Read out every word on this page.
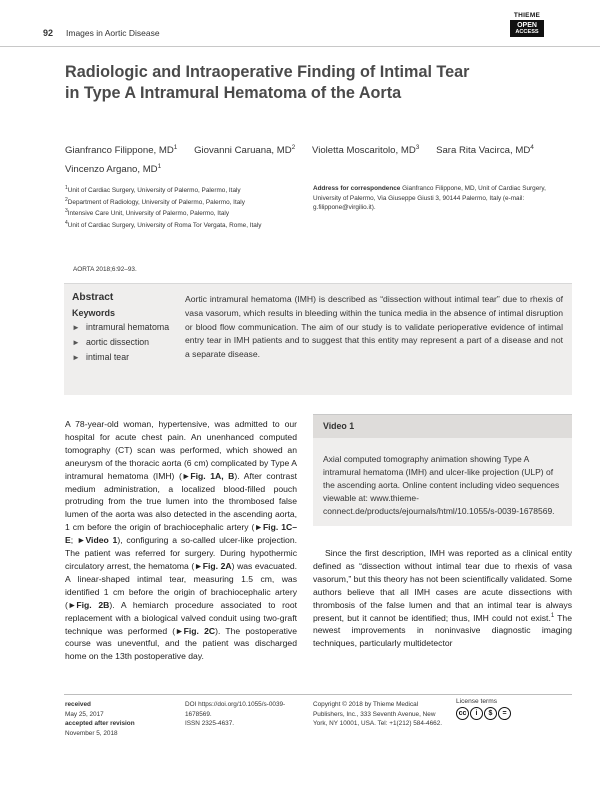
92 Images in Aortic Disease
THIEME
OPEN
ACCESS
Radiologic and Intraoperative Finding of Intimal Tear in Type A Intramural Hematoma of the Aorta
Gianfranco Filippone, $MD^1$ Giovanni Caruana, $MD^2$ Violetta Moscaritolo, $MD^3$ Sara Rita Vacirca, $MD^4$
Vincenzo Argano, $MD^1$
$^1$Unit of Cardiac Surgery, University of Palermo, Palermo, Italy
$^2$Department of Radiology, University of Palermo, Palermo, Italy
$^3$Intensive Care Unit, University of Palermo, Palermo, Italy
$^4$Unit of Cardiac Surgery, University of Roma Tor Vergata, Rome, Italy
Address for correspondence Gianfranco Filippone, MD, Unit of Cardiac Surgery, University of Palermo, Via Giuseppe Giusti 3, 90144 Palermo, Italy (e-mail: g.filippone@virgilio.it).
AORTA 2018;6:92–93.
Abstract
Keywords
► intramural hematoma
► aortic dissection
► intimal tear
Aortic intramural hematoma (IMH) is described as “dissection without intimal tear” due to rhexis of vasa vasorum, which results in bleeding within the tunica media in the absence of intimal disruption or blood flow communication. The aim of our study is to validate perioperative evidence of intimal entry tear in IMH patients and to suggest that this entity may represent a part of a disease and not a separate disease.
A 78-year-old woman, hypertensive, was admitted to our hospital for acute chest pain. An unenhanced computed tomography (CT) scan was performed, which showed an aneurysm of the thoracic aorta (6 cm) complicated by Type A intramural hematoma (IMH) (►Fig. 1A, B). After contrast medium administration, a localized blood-filled pouch protruding from the true lumen into the thrombosed false lumen of the aorta was also detected in the ascending aorta, 1 cm before the origin of brachiocephalic artery (►Fig. 1C–E; ►Video 1), configuring a so-called ulcer-like projection. The patient was referred for surgery. During hypothermic circulatory arrest, the hematoma (►Fig. 2A) was evacuated. A linear-shaped intimal tear, measuring 1.5 cm, was identified 1 cm before the origin of brachiocephalic artery (►Fig. 2B). A hemiarch procedure associated to root replacement with a biological valved conduit using two-graft technique was performed (►Fig. 2C). The postoperative course was uneventful, and the patient was discharged home on the 13th postoperative day.
Video 1
Axial computed tomography animation showing Type A intramural hematoma (IMH) and ulcer-like projection (ULP) of the ascending aorta. Online content including video sequences viewable at: www.thieme-connect.de/products/ejournals/html/10.1055/s-0039-1678569.
Since the first description, IMH was reported as a clinical entity defined as “dissection without intimal tear due to rhexis of vasa vasorum,” but this theory has not been scientifically validated. Some authors believe that all IMH cases are acute dissections with thrombosis of the false lumen and that an intimal tear is always present, but it cannot be identified; thus, IMH could not exist.$^1$ The newest improvements in noninvasive diagnostic imaging techniques, particularly multidetector
received
May 25, 2017
accepted after revision
November 5, 2018
DOI https://doi.org/10.1055/s-0039-1678569.
ISSN 2325-4637.
Copyright © 2018 by Thieme Medical Publishers, Inc., 333 Seventh Avenue, New York, NY 10001, USA. Tel: +1(212) 584-4662.
License terms
cc	i	$	=
